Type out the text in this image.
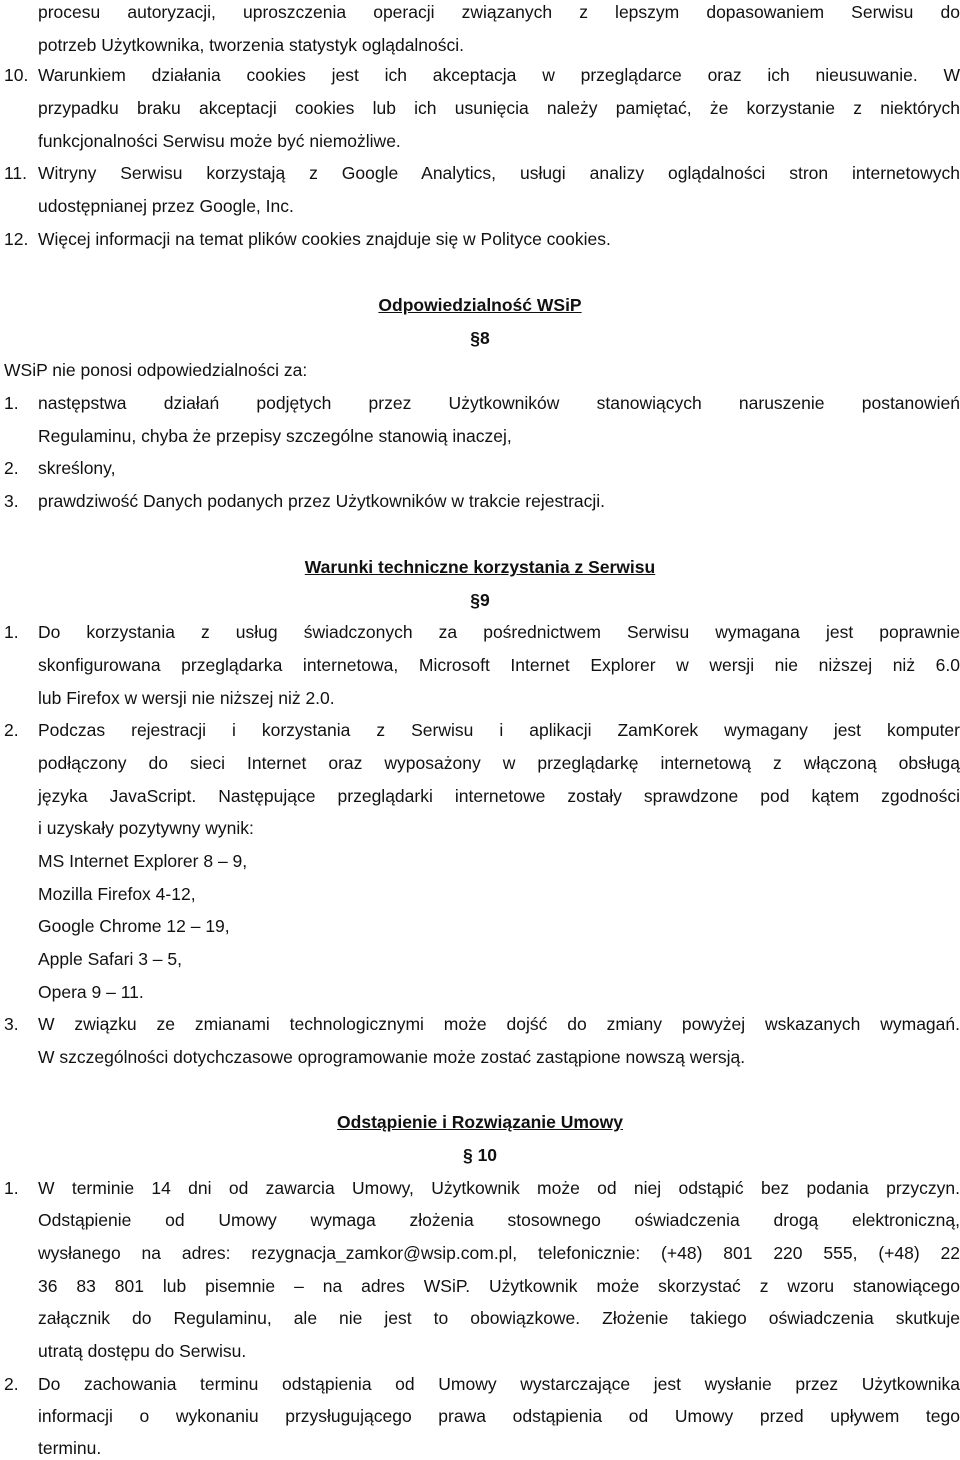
procesu autoryzacji, uproszczenia operacji związanych z lepszym dopasowaniem Serwisu do
potrzeb Użytkownika, tworzenia statystyk oglądalności.
10. Warunkiem działania cookies jest ich akceptacja w przeglądarce oraz ich nieusuwanie. W
przypadku braku akceptacji cookies lub ich usunięcia należy pamiętać, że korzystanie z niektórych
funkcjonalności Serwisu może być niemożliwe.
11. Witryny Serwisu korzystają z Google Analytics, usługi analizy oglądalności stron internetowych
udostępnianej przez Google, Inc.
12. Więcej informacji na temat plików cookies znajduje się w Polityce cookies.
Odpowiedzialność WSiP
§8
WSiP nie ponosi odpowiedzialności za:
1. następstwa działań podjętych przez Użytkowników stanowiących naruszenie postanowień
Regulaminu, chyba że przepisy szczególne stanowią inaczej,
2. skreślony,
3. prawdziwość Danych podanych przez Użytkowników w trakcie rejestracji.
Warunki techniczne korzystania z Serwisu
§9
1. Do korzystania z usług świadczonych za pośrednictwem Serwisu wymagana jest poprawnie
skonfigurowana przeglądarka internetowa, Microsoft Internet Explorer w wersji nie niższej niż 6.0
lub Firefox w wersji nie niższej niż 2.0.
2. Podczas rejestracji i korzystania z Serwisu i aplikacji ZamKorek wymagany jest komputer
podłączony do sieci Internet oraz wyposażony w przeglądarkę internetową z włączoną obsługą
języka JavaScript. Następujące przeglądarki internetowe zostały sprawdzone pod kątem zgodności
i uzyskały pozytywny wynik:
MS Internet Explorer 8 – 9,
Mozilla Firefox 4-12,
Google Chrome 12 – 19,
Apple Safari 3 – 5,
Opera 9 – 11.
3. W związku ze zmianami technologicznymi może dojść do zmiany powyżej wskazanych wymagań.
W szczególności dotychczasowe oprogramowanie może zostać zastąpione nowszą wersją.
Odstąpienie i Rozwiązanie Umowy
§ 10
1. W terminie 14 dni od zawarcia Umowy, Użytkownik może od niej odstąpić bez podania przyczyn.
Odstąpienie od Umowy wymaga złożenia stosownego oświadczenia drogą elektroniczną,
wysłanego na adres: rezygnacja_zamkor@wsip.com.pl, telefonicznie: (+48) 801 220 555, (+48) 22
36 83 801 lub pisemnie – na adres WSiP. Użytkownik może skorzystać z wzoru stanowiącego
załącznik do Regulaminu, ale nie jest to obowiązkowe. Złożenie takiego oświadczenia skutkuje
utratą dostępu do Serwisu.
2. Do zachowania terminu odstąpienia od Umowy wystarczające jest wysłanie przez Użytkownika
informacji o wykonaniu przysługującego prawa odstąpienia od Umowy przed upływem tego
terminu.
